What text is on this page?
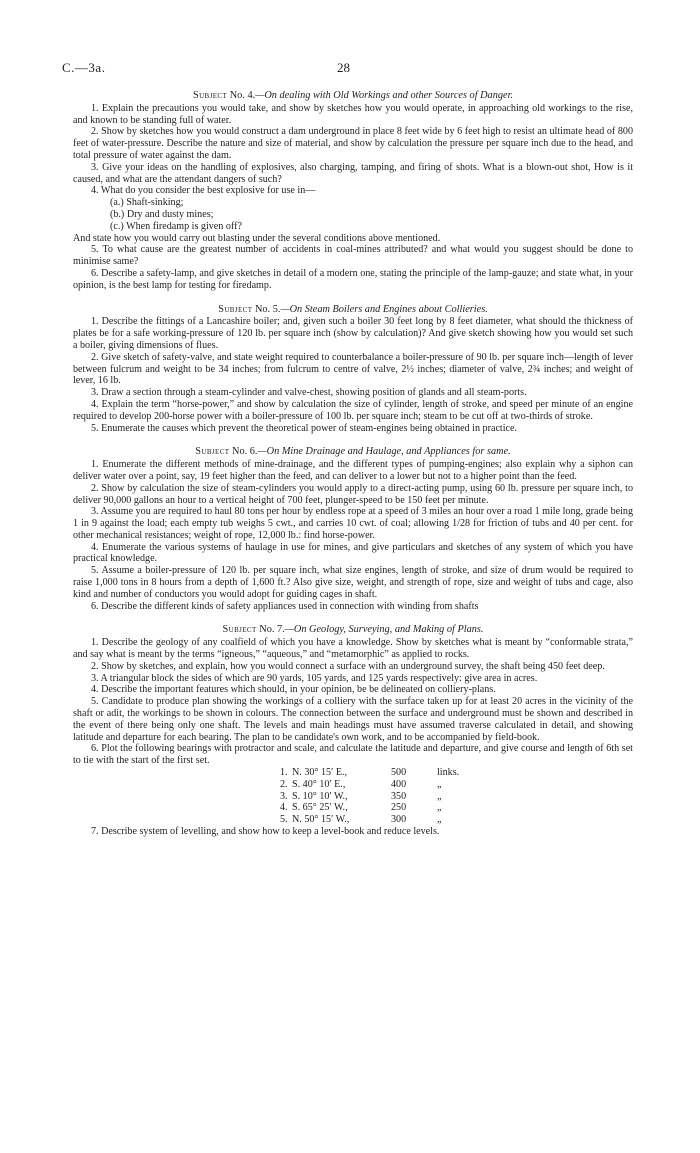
C.—3a.	28

Subject No. 4.—On dealing with Old Workings and other Sources of Danger.

1. Explain the precautions you would take, and show by sketches how you would operate, in approaching old workings to the rise, and known to be standing full of water.

2. Show by sketches how you would construct a dam underground in place 8 feet wide by 6 feet high to resist an ultimate head of 800 feet of water-pressure. Describe the nature and size of material, and show by calculation the pressure per square inch due to the head, and total pressure of water against the dam.

3. Give your ideas on the handling of explosives, also charging, tamping, and firing of shots. What is a blown-out shot, How is it caused, and what are the attendant dangers of such?

4. What do you consider the best explosive for use in—

(a.) Shaft-sinking;

(b.) Dry and dusty mines;

(c.) When firedamp is given off?

And state how you would carry out blasting under the several conditions above mentioned.

5. To what cause are the greatest number of accidents in coal-mines attributed? and what would you suggest should be done to minimise same?

6. Describe a safety-lamp, and give sketches in detail of a modern one, stating the principle of the lamp-gauze; and state what, in your opinion, is the best lamp for testing for firedamp.

Subject No. 5.—On Steam Boilers and Engines about Collieries.

1. Describe the fittings of a Lancashire boiler; and, given such a boiler 30 feet long by 8 feet diameter, what should the thickness of plates be for a safe working-pressure of 120 lb. per square inch (show by calculation)? And give sketch showing how you would set such a boiler, giving dimensions of flues.

2. Give sketch of safety-valve, and state weight required to counterbalance a boiler-pressure of 90 lb. per square inch—length of lever between fulcrum and weight to be 34 inches; from fulcrum to centre of valve, 2½ inches; diameter of valve, 2¾ inches; and weight of lever, 16 lb.

3. Draw a section through a steam-cylinder and valve-chest, showing position of glands and all steam-ports.

4. Explain the term “horse-power,” and show by calculation the size of cylinder, length of stroke, and speed per minute of an engine required to develop 200-horse power with a boiler-pressure of 100 lb. per square inch; steam to be cut off at two-thirds of stroke.

5. Enumerate the causes which prevent the theoretical power of steam-engines being obtained in practice.

Subject No. 6.—On Mine Drainage and Haulage, and Appliances for same.

1. Enumerate the different methods of mine-drainage, and the different types of pumping-engines; also explain why a siphon can deliver water over a point, say, 19 feet higher than the feed, and can deliver to a lower but not to a higher point than the feed.

2. Show by calculation the size of steam-cylinders you would apply to a direct-acting pump, using 60 lb. pressure per square inch, to deliver 90,000 gallons an hour to a vertical height of 700 feet, plunger-speed to be 150 feet per minute.

3. Assume you are required to haul 80 tons per hour by endless rope at a speed of 3 miles an hour over a road 1 mile long, grade being 1 in 9 against the load; each empty tub weighs 5 cwt., and carries 10 cwt. of coal; allowing 1/28 for friction of tubs and 40 per cent. for other mechanical resistances; weight of rope, 12,000 lb.: find horse-power.

4. Enumerate the various systems of haulage in use for mines, and give particulars and sketches of any system of which you have practical knowledge.

5. Assume a boiler-pressure of 120 lb. per square inch, what size engines, length of stroke, and size of drum would be required to raise 1,000 tons in 8 hours from a depth of 1,600 ft.? Also give size, weight, and strength of rope, size and weight of tubs and cage, also kind and number of conductors you would adopt for guiding cages in shaft.

6. Describe the different kinds of safety appliances used in connection with winding from shafts

Subject No. 7.—On Geology, Surveying, and Making of Plans.

1. Describe the geology of any coalfield of which you have a knowledge. Show by sketches what is meant by “conformable strata,” and say what is meant by the terms “igneous,” “aqueous,” and “metamorphic” as applied to rocks.

2. Show by sketches, and explain, how you would connect a surface with an underground survey, the shaft being 450 feet deep.

3. A triangular block the sides of which are 90 yards, 105 yards, and 125 yards respectively: give area in acres.

4. Describe the important features which should, in your opinion, be be delineated on colliery-plans.

5. Candidate to produce plan showing the workings of a colliery with the surface taken up for at least 20 acres in the vicinity of the shaft or adit, the workings to be shown in colours. The connection between the surface and underground must be shown and described in the event of there being only one shaft. The levels and main headings must have assumed traverse calculated in detail, and showing latitude and departure for each bearing. The plan to be candidate's own work, and to be accompanied by field-book.

6. Plot the following bearings with protractor and scale, and calculate the latitude and departure, and give course and length of 6th set to tie with the start of the first set.

1. N. 30° 15′ E.,	500	links.
2. S. 40° 10′ E.,	400	„
3. S. 10° 10′ W.,	350	„
4. S. 65° 25′ W.,	250	„
5. N. 50° 15′ W.,	300	„

7. Describe system of levelling, and show how to keep a level-book and reduce levels.
